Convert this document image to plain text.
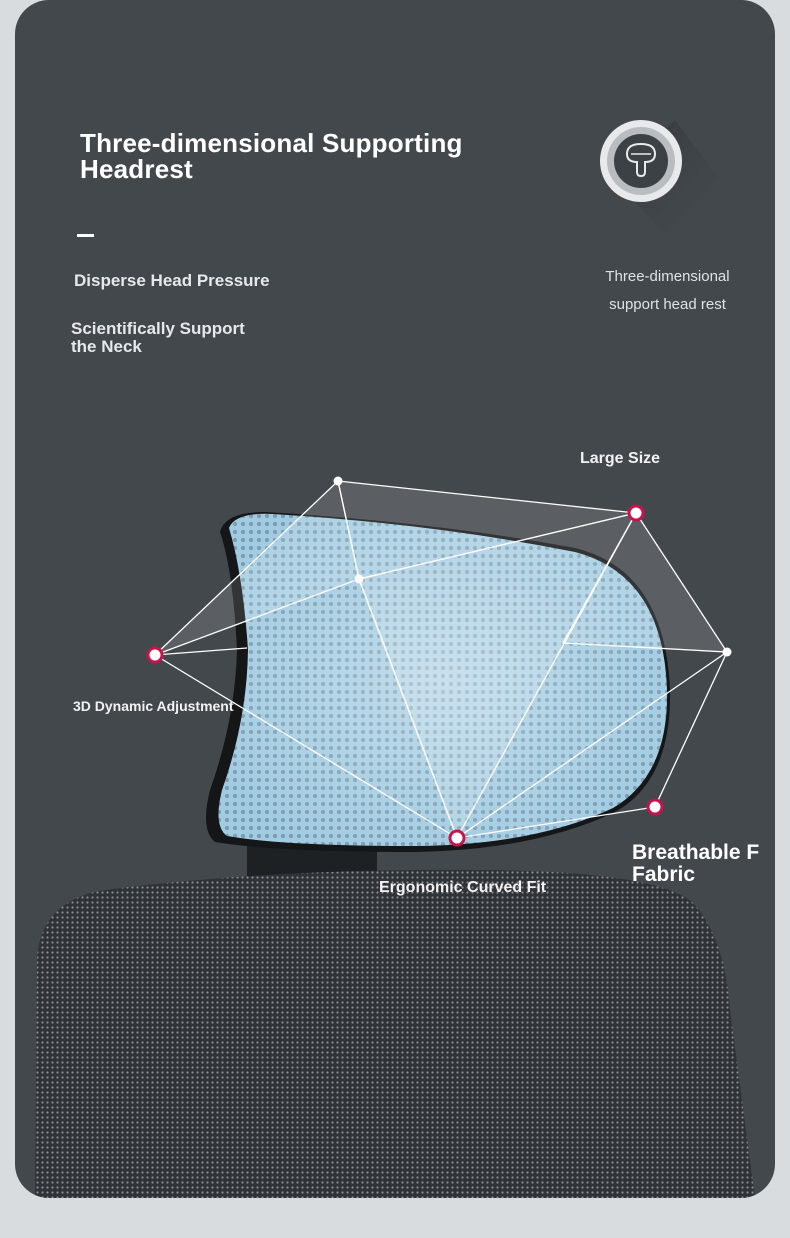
Three-dimensional Supporting
Headrest
Disperse Head Pressure
Scientifically Support
the Neck
Three-dimensional
support head rest
Large Size
3D Dynamic Adjustment
Ergonomic Curved Fit
Breathable F
Fabric
